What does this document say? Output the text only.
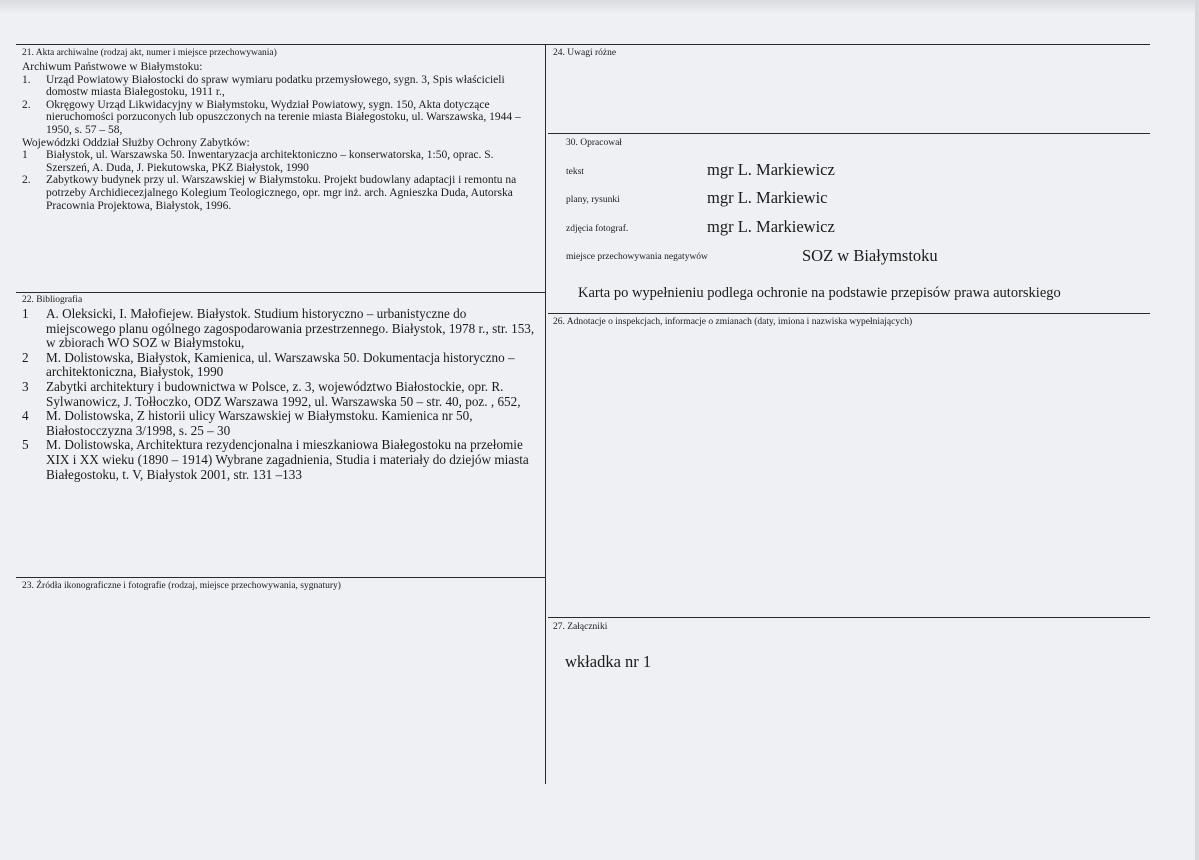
21. Akta archiwalne (rodzaj akt, numer i miejsce przechowywania)
Archiwum Państwowe w Białymstoku:
1.	Urząd Powiatowy Białostocki do spraw wymiaru podatku przemysłowego, sygn. 3, Spis właścicieli domostw miasta Białegostoku, 1911 r.,
2.	Okręgowy Urząd Likwidacyjny w Białymstoku, Wydział Powiatowy, sygn. 150, Akta dotyczące nieruchomości porzuconych lub opuszczonych na terenie miasta Białegostoku, ul. Warszawska, 1944 – 1950, s. 57 – 58,
Wojewódzki Oddział Służby Ochrony Zabytków:
1	Białystok, ul. Warszawska 50. Inwentaryzacja architektoniczno – konserwatorska, 1:50, oprac. S. Szerszeń, A. Duda, J. Piekutowska, PKZ Białystok, 1990
2.	Zabytkowy budynek przy ul. Warszawskiej w Białymstoku. Projekt budowlany adaptacji i remontu na potrzeby Archidiecezjalnego Kolegium Teologicznego, opr. mgr inż. arch. Agnieszka Duda, Autorska Pracownia Projektowa, Białystok, 1996.
22. Bibliografia
1	A. Oleksicki, I. Małofiejew. Białystok. Studium historyczno – urbanistyczne do miejscowego planu ogólnego zagospodarowania przestrzennego. Białystok, 1978 r., str. 153, w zbiorach WO SOZ w Białymstoku,
2	M. Dolistowska, Białystok, Kamienica, ul. Warszawska 50. Dokumentacja historyczno – architektoniczna, Białystok, 1990
3	Zabytki architektury i budownictwa w Polsce, z. 3, województwo Białostockie, opr. R. Sylwanowicz, J. Tołłoczko, ODZ Warszawa 1992, ul. Warszawska 50 – str. 40, poz. , 652,
4	M. Dolistowska, Z historii ulicy Warszawskiej w Białymstoku. Kamienica nr 50, Białostocczyzna 3/1998, s. 25 – 30
5	M. Dolistowska, Architektura rezydencjonalna i mieszkaniowa Białegostoku na przełomie XIX i XX wieku (1890 – 1914) Wybrane zagadnienia, Studia i materiały do dziejów miasta Białegostoku, t. V, Białystok 2001, str. 131 –133
23. Źródła ikonograficzne i fotografie (rodzaj, miejsce przechowywania, sygnatury)
24. Uwagi różne
30. Opracował
tekst	mgr L. Markiewicz
plany, rysunki	mgr L. Markiewic
zdjęcia fotograf.	mgr L. Markiewicz
miejsce przechowywania negatywów	SOZ w Białymstoku
Karta po wypełnieniu podlega ochronie na podstawie przepisów prawa autorskiego
26. Adnotacje o inspekcjach, informacje o zmianach (daty, imiona i nazwiska wypełniających)
27. Załączniki
wkładka nr 1
